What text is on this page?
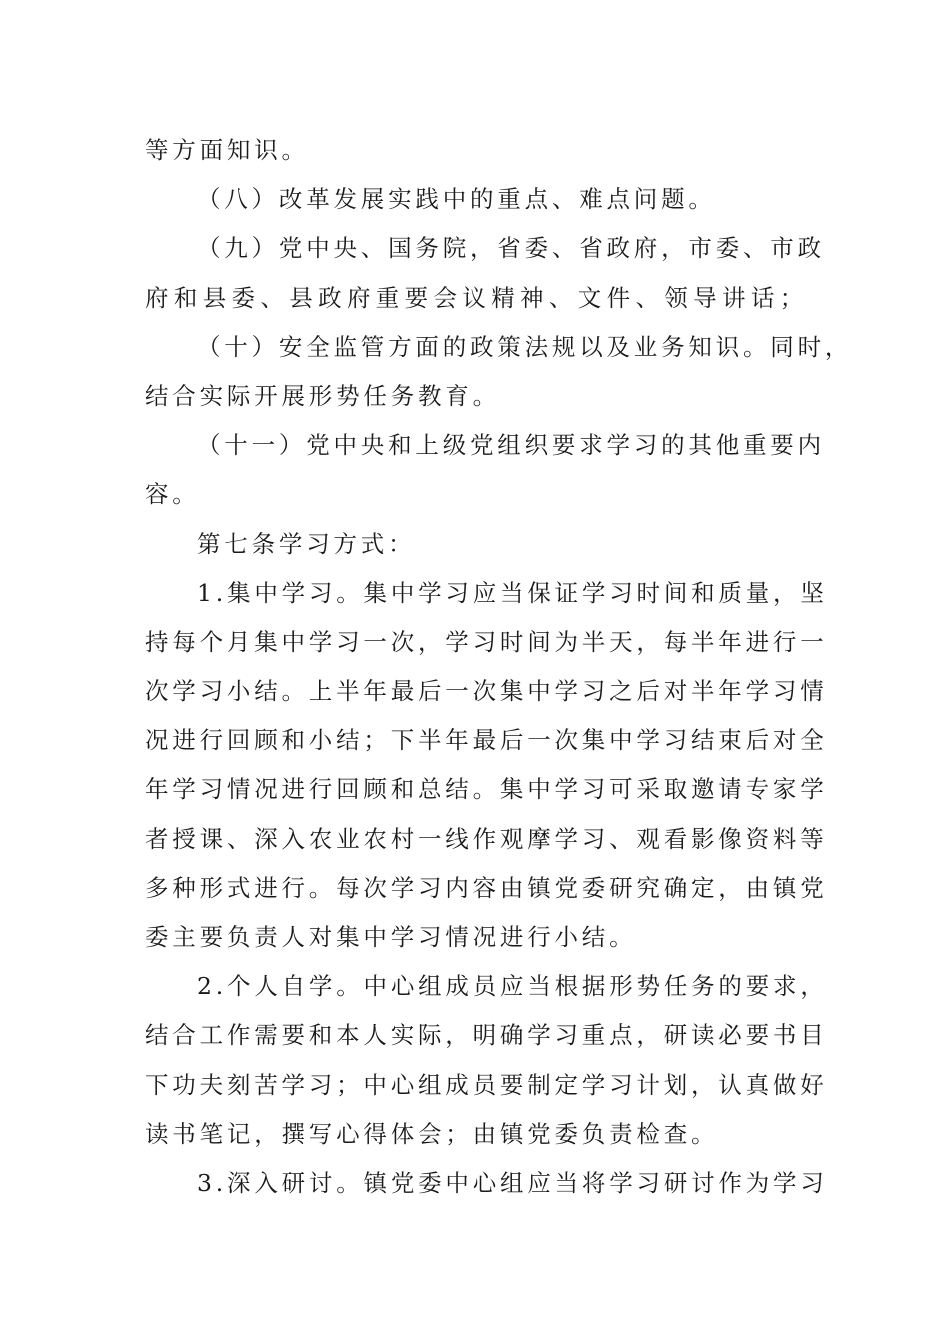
等方面知识。
（八）改革发展实践中的重点、难点问题。
（九）党中央、国务院，省委、省政府，市委、市政
府和县委、县政府重要会议精神、文件、领导讲话；
（十）安全监管方面的政策法规以及业务知识。同时，
结合实际开展形势任务教育。
（十一）党中央和上级党组织要求学习的其他重要内
容。
第七条学习方式：
1.集中学习。集中学习应当保证学习时间和质量，坚
持每个月集中学习一次，学习时间为半天，每半年进行一
次学习小结。上半年最后一次集中学习之后对半年学习情
况进行回顾和小结；下半年最后一次集中学习结束后对全
年学习情况进行回顾和总结。集中学习可采取邀请专家学
者授课、深入农业农村一线作观摩学习、观看影像资料等
多种形式进行。每次学习内容由镇党委研究确定，由镇党
委主要负责人对集中学习情况进行小结。
2.个人自学。中心组成员应当根据形势任务的要求，
结合工作需要和本人实际，明确学习重点，研读必要书目
下功夫刻苦学习；中心组成员要制定学习计划，认真做好
读书笔记，撰写心得体会；由镇党委负责检查。
3.深入研讨。镇党委中心组应当将学习研讨作为学习
